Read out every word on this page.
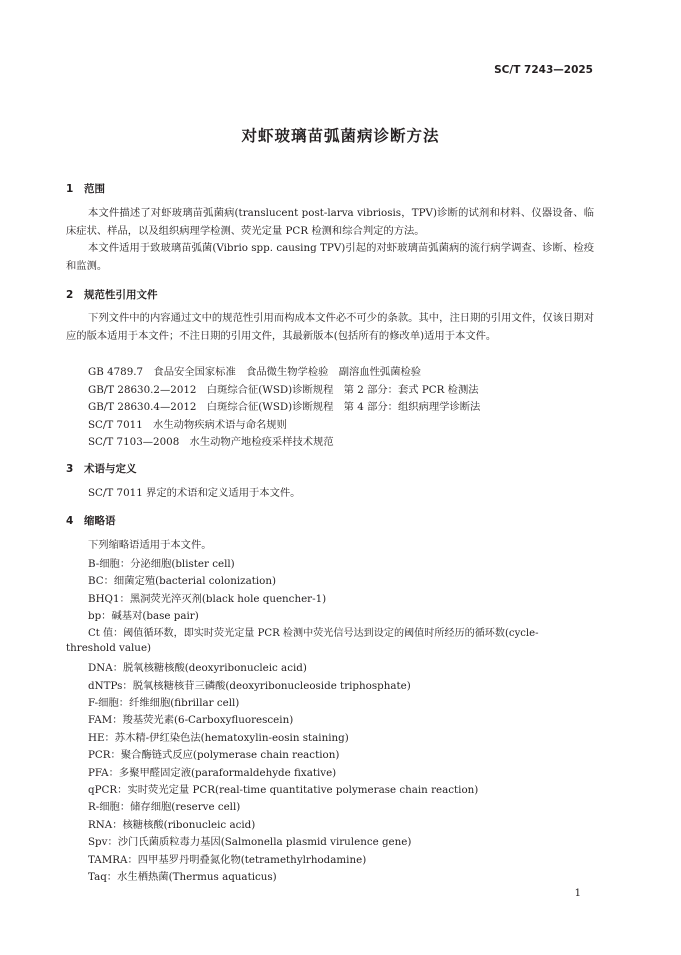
SC/T 7243—2025
对虾玻璃苗弧菌病诊断方法
1 范围
本文件描述了对虾玻璃苗弧菌病(translucent post-larva vibriosis，TPV)诊断的试剂和材料、仪器设备、临床症状、样品，以及组织病理学检测、荧光定量 PCR 检测和综合判定的方法。
本文件适用于致玻璃苗弧菌(Vibrio spp. causing TPV)引起的对虾玻璃苗弧菌病的流行病学调查、诊断、检疫和监测。
2 规范性引用文件
下列文件中的内容通过文中的规范性引用而构成本文件必不可少的条款。其中，注日期的引用文件，仅该日期对应的版本适用于本文件；不注日期的引用文件，其最新版本(包括所有的修改单)适用于本文件。
GB 4789.7　食品安全国家标准　食品微生物学检验　副溶血性弧菌检验
GB/T 28630.2—2012　白斑综合征(WSD)诊断规程　第 2 部分：套式 PCR 检测法
GB/T 28630.4—2012　白斑综合征(WSD)诊断规程　第 4 部分：组织病理学诊断法
SC/T 7011　水生动物疾病术语与命名规则
SC/T 7103—2008　水生动物产地检疫采样技术规范
3 术语与定义
SC/T 7011 界定的术语和定义适用于本文件。
4 缩略语
下列缩略语适用于本文件。
B-细胞：分泌细胞(blister cell)
BC：细菌定殖(bacterial colonization)
BHQ1：黑洞荧光淬灭剂(black hole quencher-1)
bp：碱基对(base pair)
Ct 值：阈值循环数，即实时荧光定量 PCR 检测中荧光信号达到设定的阈值时所经历的循环数(cycle-
threshold value)
DNA：脱氧核糖核酸(deoxyribonucleic acid)
dNTPs：脱氧核糖核苷三磷酸(deoxyribonucleoside triphosphate)
F-细胞：纤维细胞(fibrillar cell)
FAM：羧基荧光素(6-Carboxyfluorescein)
HE：苏木精-伊红染色法(hematoxylin-eosin staining)
PCR：聚合酶链式反应(polymerase chain reaction)
PFA：多聚甲醛固定液(paraformaldehyde fixative)
qPCR：实时荧光定量 PCR(real-time quantitative polymerase chain reaction)
R-细胞：储存细胞(reserve cell)
RNA：核糖核酸(ribonucleic acid)
Spv：沙门氏菌质粒毒力基因(Salmonella plasmid virulence gene)
TAMRA：四甲基罗丹明叠氮化物(tetramethylrhodamine)
Taq：水生栖热菌(Thermus aquaticus)
1
